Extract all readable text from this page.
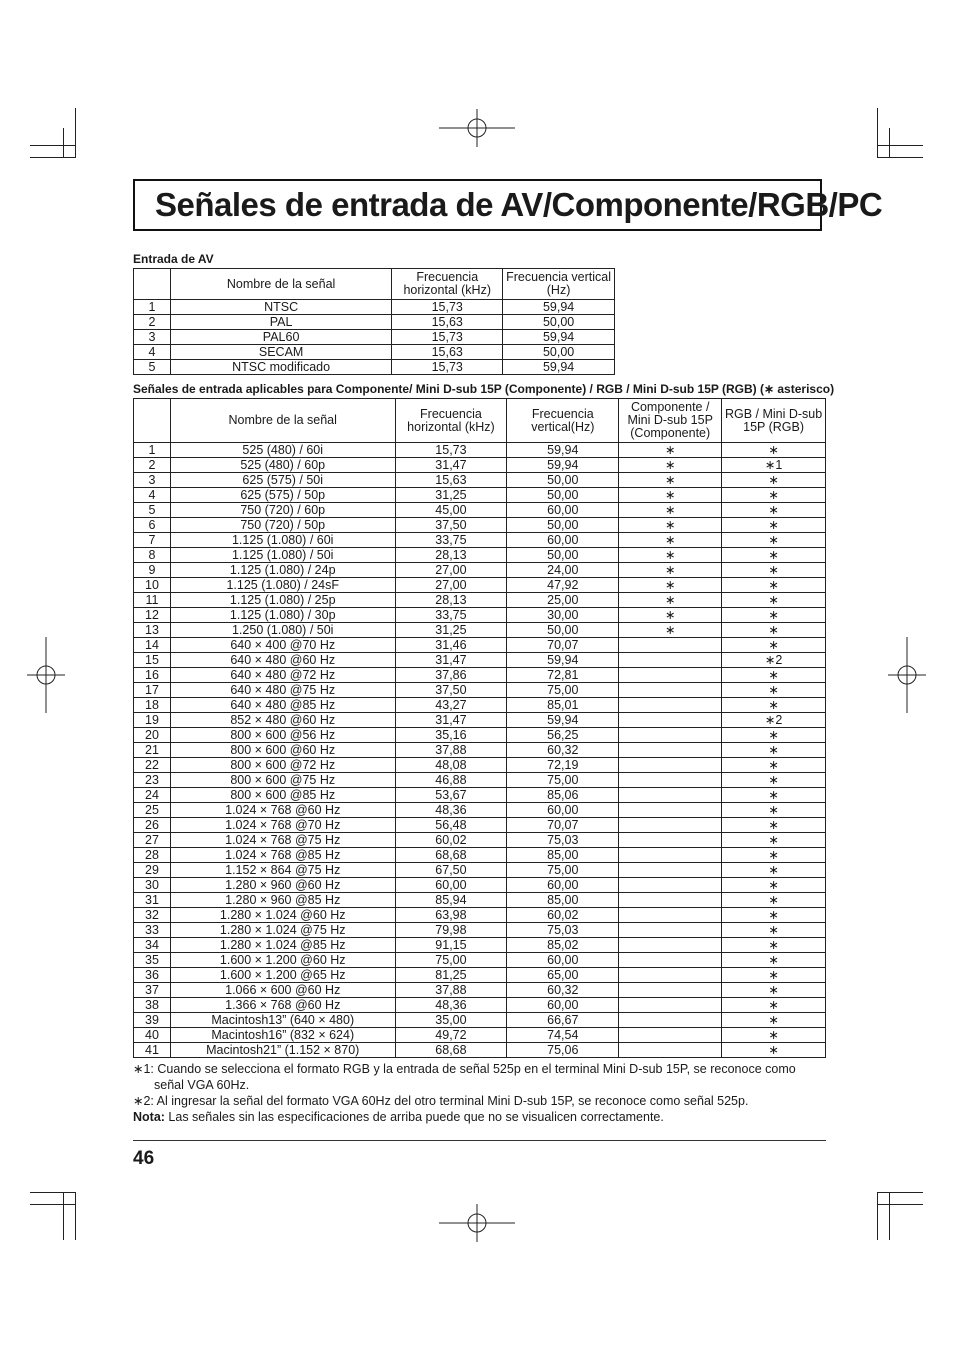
Señales de entrada de AV/Componente/RGB/PC
Entrada de AV
	Nombre de la señal	Frecuencia horizontal (kHz)	Frecuencia vertical (Hz)
1	NTSC	15,73	59,94
2	PAL	15,63	50,00
3	PAL60	15,73	59,94
4	SECAM	15,63	50,00
5	NTSC modificado	15,73	59,94
Señales de entrada aplicables para Componente/ Mini D-sub 15P (Componente) / RGB / Mini D-sub 15P (RGB) (∗ asterisco)
	Nombre de la señal	Frecuencia horizontal (kHz)	Frecuencia vertical(Hz)	Componente / Mini D-sub 15P (Componente)	RGB / Mini D-sub 15P (RGB)
1	525 (480) / 60i	15,73	59,94	∗	∗
2	525 (480) / 60p	31,47	59,94	∗	∗1
3	625 (575) / 50i	15,63	50,00	∗	∗
4	625 (575) / 50p	31,25	50,00	∗	∗
5	750 (720) / 60p	45,00	60,00	∗	∗
6	750 (720) / 50p	37,50	50,00	∗	∗
7	1.125 (1.080) / 60i	33,75	60,00	∗	∗
8	1.125 (1.080) / 50i	28,13	50,00	∗	∗
9	1.125 (1.080) / 24p	27,00	24,00	∗	∗
10	1.125 (1.080) / 24sF	27,00	47,92	∗	∗
11	1.125 (1.080) / 25p	28,13	25,00	∗	∗
12	1.125 (1.080) / 30p	33,75	30,00	∗	∗
13	1.250 (1.080) / 50i	31,25	50,00	∗	∗
14	640 × 400 @70 Hz	31,46	70,07		∗
15	640 × 480 @60 Hz	31,47	59,94		∗2
16	640 × 480 @72 Hz	37,86	72,81		∗
17	640 × 480 @75 Hz	37,50	75,00		∗
18	640 × 480 @85 Hz	43,27	85,01		∗
19	852 × 480 @60 Hz	31,47	59,94		∗2
20	800 × 600 @56 Hz	35,16	56,25		∗
21	800 × 600 @60 Hz	37,88	60,32		∗
22	800 × 600 @72 Hz	48,08	72,19		∗
23	800 × 600 @75 Hz	46,88	75,00		∗
24	800 × 600 @85 Hz	53,67	85,06		∗
25	1.024 × 768 @60 Hz	48,36	60,00		∗
26	1.024 × 768 @70 Hz	56,48	70,07		∗
27	1.024 × 768 @75 Hz	60,02	75,03		∗
28	1.024 × 768 @85 Hz	68,68	85,00		∗
29	1.152 × 864 @75 Hz	67,50	75,00		∗
30	1.280 × 960 @60 Hz	60,00	60,00		∗
31	1.280 × 960 @85 Hz	85,94	85,00		∗
32	1.280 × 1.024 @60 Hz	63,98	60,02		∗
33	1.280 × 1.024 @75 Hz	79,98	75,03		∗
34	1.280 × 1.024 @85 Hz	91,15	85,02		∗
35	1.600 × 1.200 @60 Hz	75,00	60,00		∗
36	1.600 × 1.200 @65 Hz	81,25	65,00		∗
37	1.066 × 600 @60 Hz	37,88	60,32		∗
38	1.366 × 768 @60 Hz	48,36	60,00		∗
39	Macintosh13” (640 × 480)	35,00	66,67		∗
40	Macintosh16” (832 × 624)	49,72	74,54		∗
41	Macintosh21” (1.152 × 870)	68,68	75,06		∗

∗1: Cuando se selecciona el formato RGB y la entrada de señal 525p en el terminal Mini D-sub 15P, se reconoce como

señal VGA 60Hz.

∗2: Al ingresar la señal del formato VGA 60Hz del otro terminal Mini D-sub 15P, se reconoce como señal 525p.

Nota: Las señales sin las especificaciones de arriba puede que no se visualicen correctamente.

46
